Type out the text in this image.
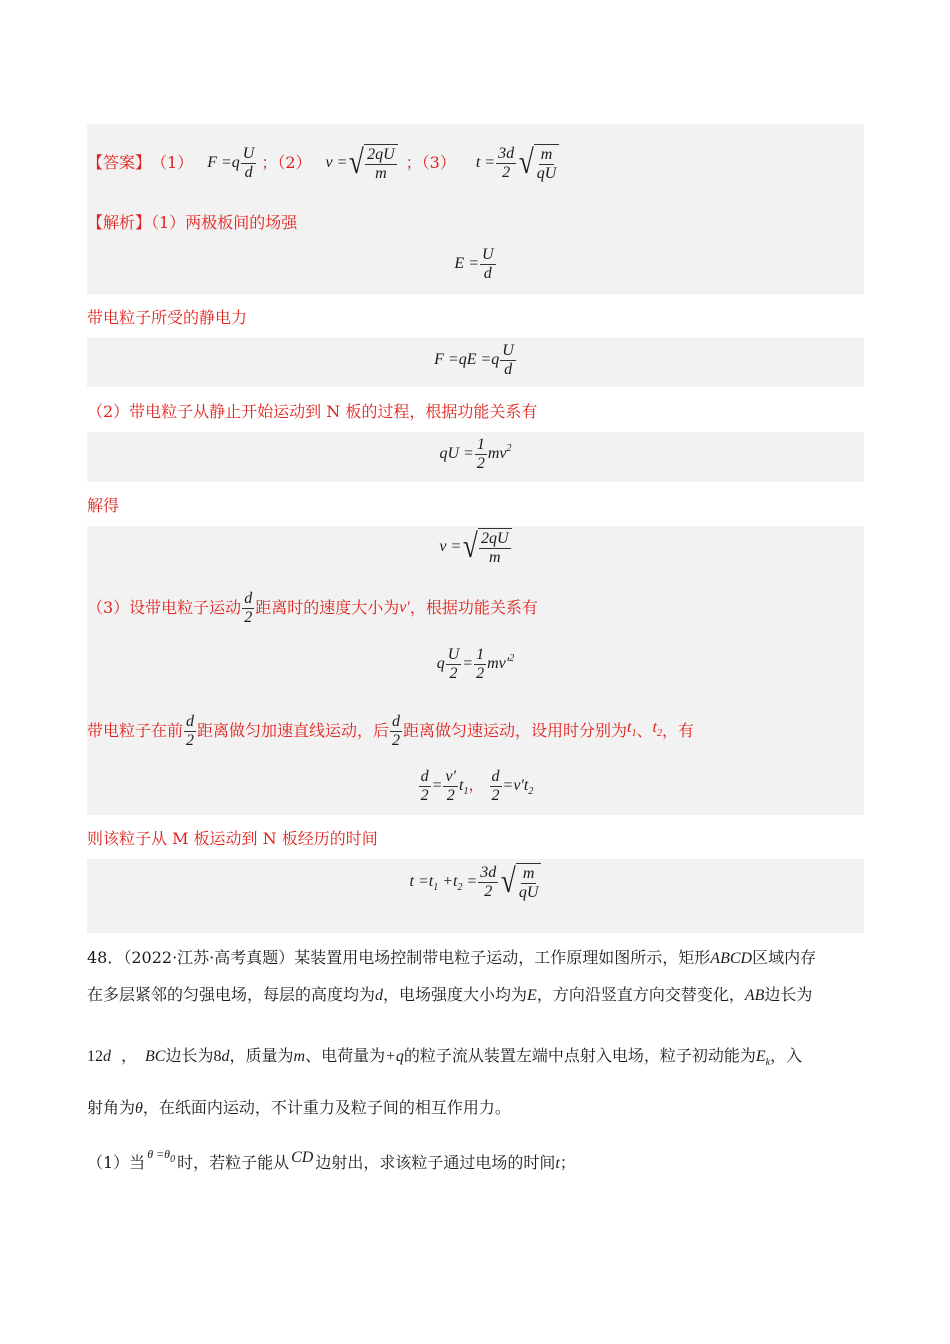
【答案】 （1） $F =q \frac{U}{d}$ ；（2） v = √ $\frac{2qU}{m}$ ；（3） $t = \frac{3d}{2}$ √ $\frac{m}{qU}$
【解析】（1）两极板间的场强
$E = \frac{U}{d}$
带电粒子所受的静电力
$F =qE =q \frac{U}{d}$
（2）带电粒子从静止开始运动到 N 板的过程，根据功能关系有
qU = $\frac{1}{2} mv^2$
解得
v = √ $\frac{2qU}{m}$
（3）设带电粒子运动 $\frac{d}{2}$ 距离时的速度大小为 v′ ，根据功能关系有
q $\frac{U}{2} = \frac{1}{2} mv'^2$
带电粒子在前 $\frac{d}{2}$ 距离做匀加速直线运动，后 $\frac{d}{2}$ 距离做匀速运动，设用时分别为 $t_1$ 、 $t_2$ ，有
$\frac{d}{2} = \frac{v'}{2} t_1$， $\frac{d}{2} =v't_2$
则该粒子从 M 板运动到 N 板经历的时间
$t =t_1 +t_2 = \frac{3d}{2}$ √ $\frac{m}{qU}$
48．（2022·江苏·高考真题）某装置用电场控制带电粒子运动，工作原理如图所示，矩形ABCD区域内存
在多层紧邻的匀强电场，每层的高度均为d，电场强度大小均为E，方向沿竖直方向交替变化，AB边长为
12d ， BC边长为8d，质量为m、电荷量为+q的粒子流从装置左端中点射入电场，粒子初动能为$E_k$，入
射角为θ，在纸面内运动，不计重力及粒子间的相互作用力。
（1）当 $^{\theta =\theta_0}$ 时，若粒子能从 CD 边射出，求该粒子通过电场的时间t；
